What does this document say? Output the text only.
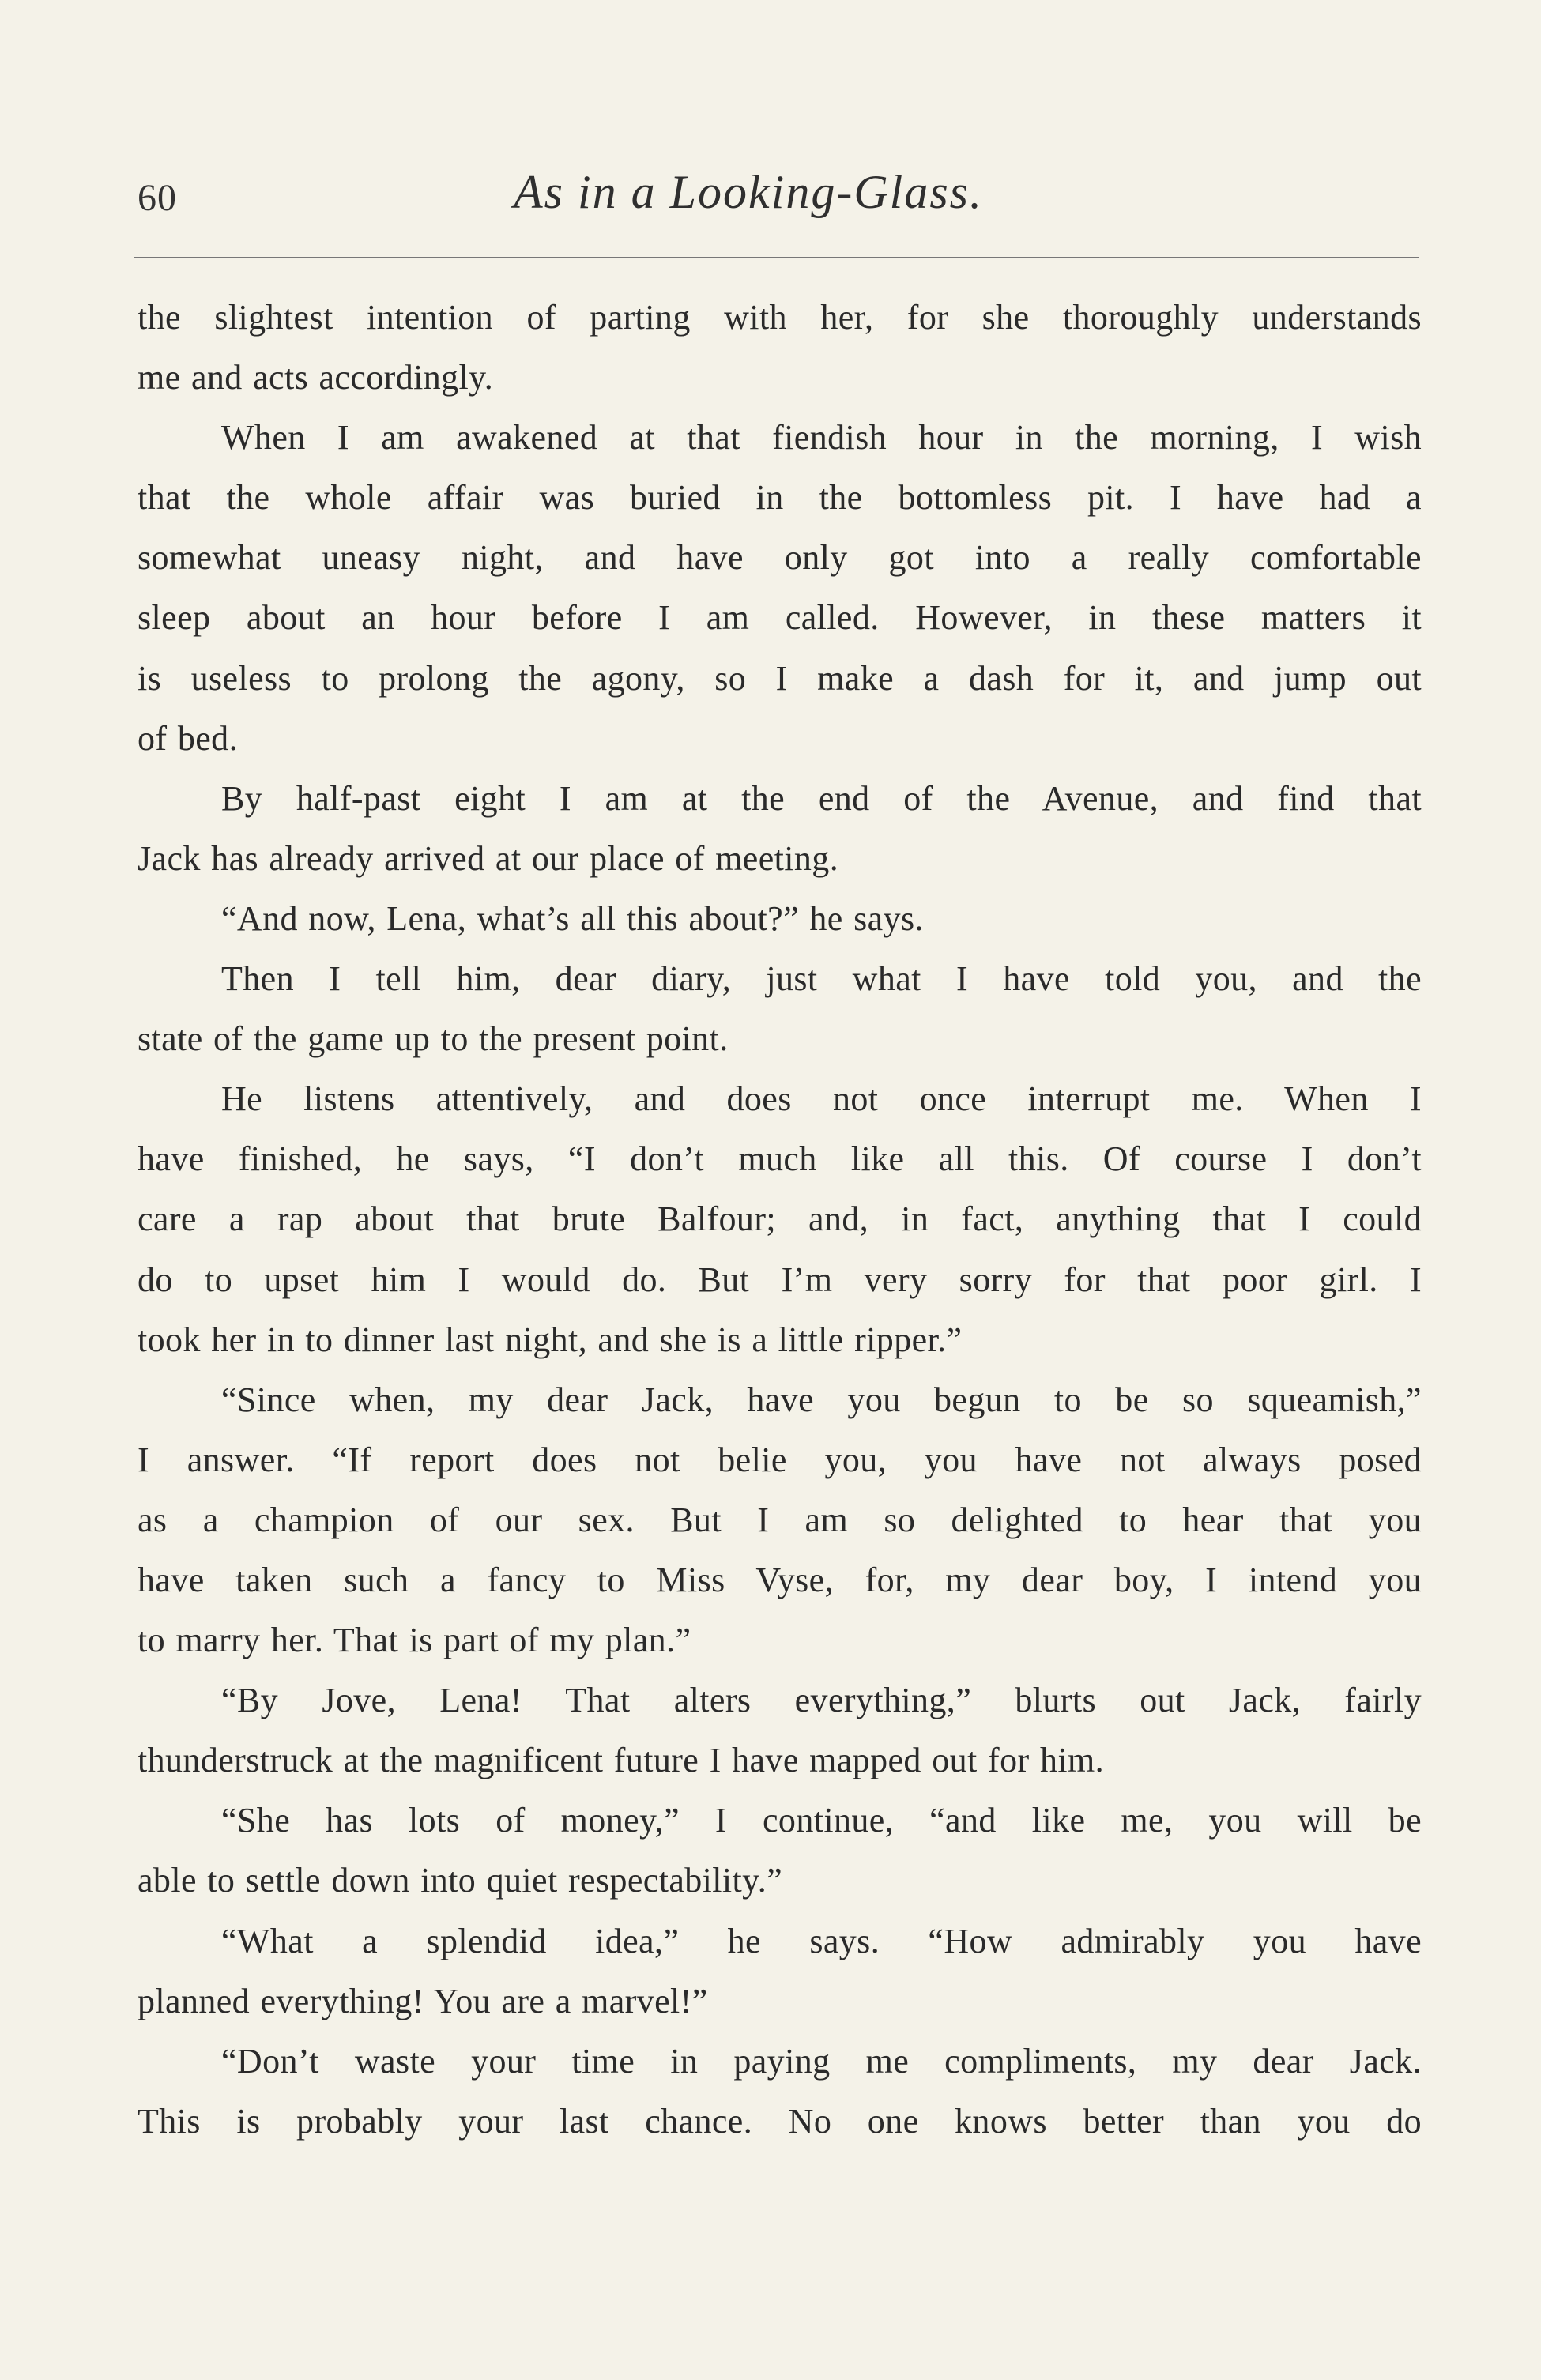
60	As in a Looking-Glass.
the slightest intention of parting with her, for she thoroughly understands
me and acts accordingly.
When I am awakened at that fiendish hour in the morning, I wish
that the whole affair was buried in the bottomless pit. I have had a
somewhat uneasy night, and have only got into a really comfortable
sleep about an hour before I am called. However, in these matters it
is useless to prolong the agony, so I make a dash for it, and jump out
of bed.
By half-past eight I am at the end of the Avenue, and find that
Jack has already arrived at our place of meeting.
“And now, Lena, what’s all this about?” he says.
Then I tell him, dear diary, just what I have told you, and the
state of the game up to the present point.
He listens attentively, and does not once interrupt me. When I
have finished, he says, “I don’t much like all this. Of course I don’t
care a rap about that brute Balfour; and, in fact, anything that I could
do to upset him I would do. But I’m very sorry for that poor girl. I
took her in to dinner last night, and she is a little ripper.”
“Since when, my dear Jack, have you begun to be so squeamish,”
I answer. “If report does not belie you, you have not always posed
as a champion of our sex. But I am so delighted to hear that you
have taken such a fancy to Miss Vyse, for, my dear boy, I intend you
to marry her. That is part of my plan.”
“By Jove, Lena! That alters everything,” blurts out Jack, fairly
thunderstruck at the magnificent future I have mapped out for him.
“She has lots of money,” I continue, “and like me, you will be
able to settle down into quiet respectability.”
“What a splendid idea,” he says. “How admirably you have
planned everything! You are a marvel!”
“Don’t waste your time in paying me compliments, my dear Jack.
This is probably your last chance. No one knows better than you do
